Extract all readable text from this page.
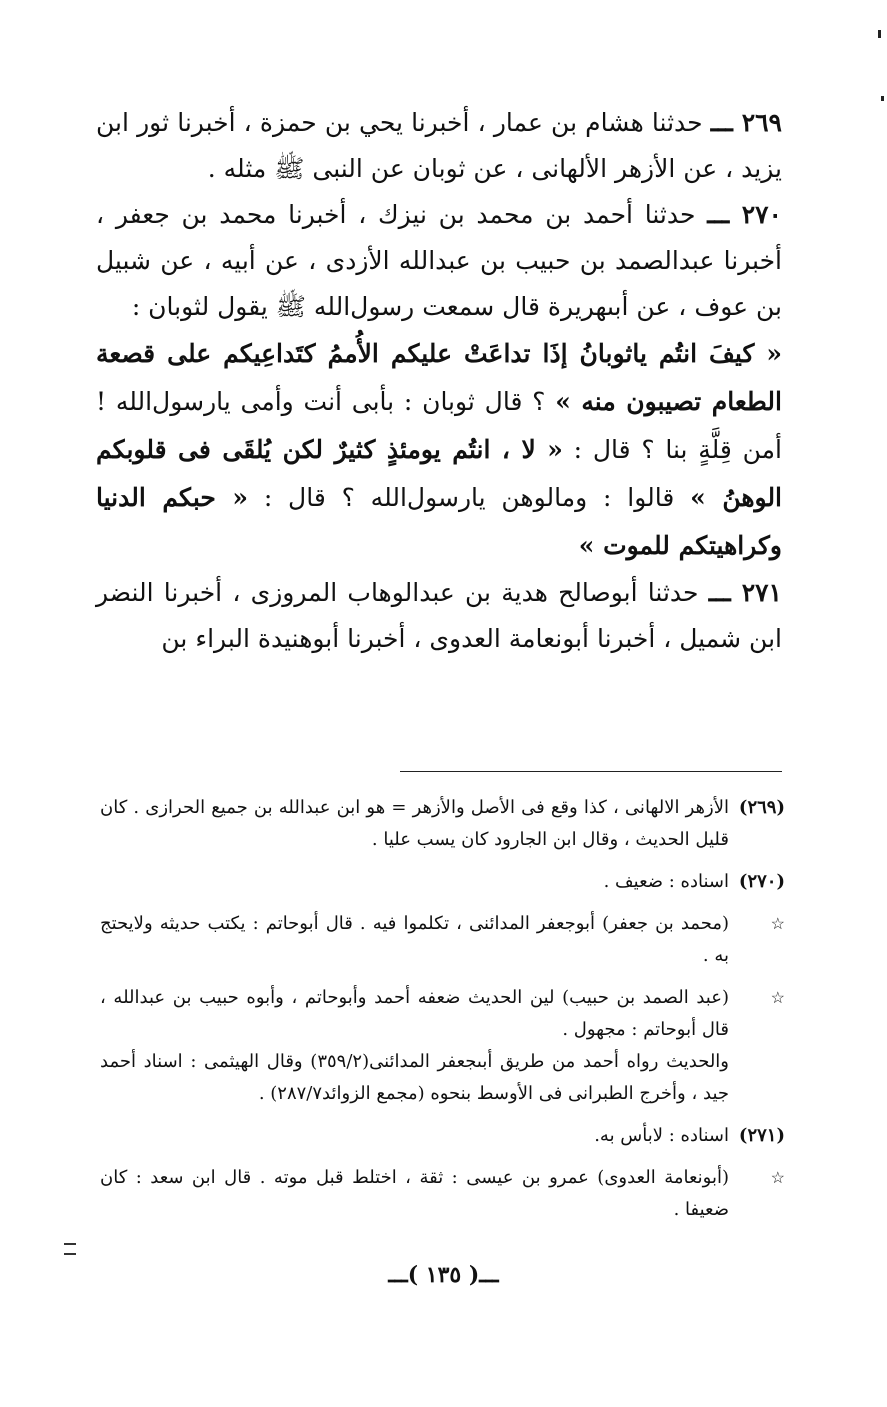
٢٦٩ ـــ حدثنا هشام بن عمار ، أخبرنا يحي بن حمزة ، أخبرنا ثور ابن يزيد ، عن الأزهر الألهانى ، عن ثوبان عن النبى ﷺ مثله .

٢٧٠ ـــ حدثنا أحمد بن محمد بن نيزك ، أخبرنا محمد بن جعفر ، أخبرنا عبدالصمد بن حبيب بن عبدالله الأزدى ، عن أبيه ، عن شبيل بن عوف ، عن أبىهريرة قال سمعت رسول‌الله ﷺ يقول لثوبان :

« كيفَ انتُم ياثوبانُ إذَا تداعَتْ عليكم الأُممُ كتَداعِيكم على قصعة الطعام تصيبون منه » ؟ قال ثوبان : بأبى أنت وأمى يارسول‌الله ! أمن قِلَّةٍ بنا ؟ قال : « لا ، انتُم يومئذٍ كثيرٌ لكن يُلقَى فى قلوبكم الوهنُ » قالوا : ومالوهن يارسول‌الله ؟ قال : « حبكم الدنيا وكراهيتكم للموت »

٢٧١ ـــ حدثنا أبوصالح هدية بن عبدالوهاب المروزى ، أخبرنا النضر ابن شميل ، أخبرنا أبونعامة العدوى ، أخبرنا أبوهنيدة البراء بن

(٢٦٩)

الأزهر الالهانى ، كذا وقع فى الأصل والأزهر = هو ابن عبدالله بن جميع الحرازى . كان قليل الحديث ، وقال ابن الجارود كان يسب عليا .

(٢٧٠)

اسناده : ضعيف .

☆

(محمد بن جعفر) أبوجعفر المدائنى ، تكلموا فيه . قال أبوحاتم : يكتب حديثه ولايحتج به .

☆

(عبد الصمد بن حبيب) لين الحديث ضعفه أحمد وأبوحاتم ، وأبوه حبيب بن عبدالله ، قال أبوحاتم : مجهول .

والحديث رواه أحمد من طريق أبىجعفر المدائنى(٣٥٩/٢) وقال الهيثمى : اسناد أحمد جيد ، وأخرج الطبرانى فى الأوسط بنحوه (مجمع الزوائد٢٨٧/٧) .

(٢٧١)

اسناده : لابأس به.

☆

(أبونعامة العدوى) عمرو بن عيسى : ثقة ، اختلط قبل موته . قال ابن سعد : كان ضعيفا .

ـــ( ١٣٥ )ـــ
